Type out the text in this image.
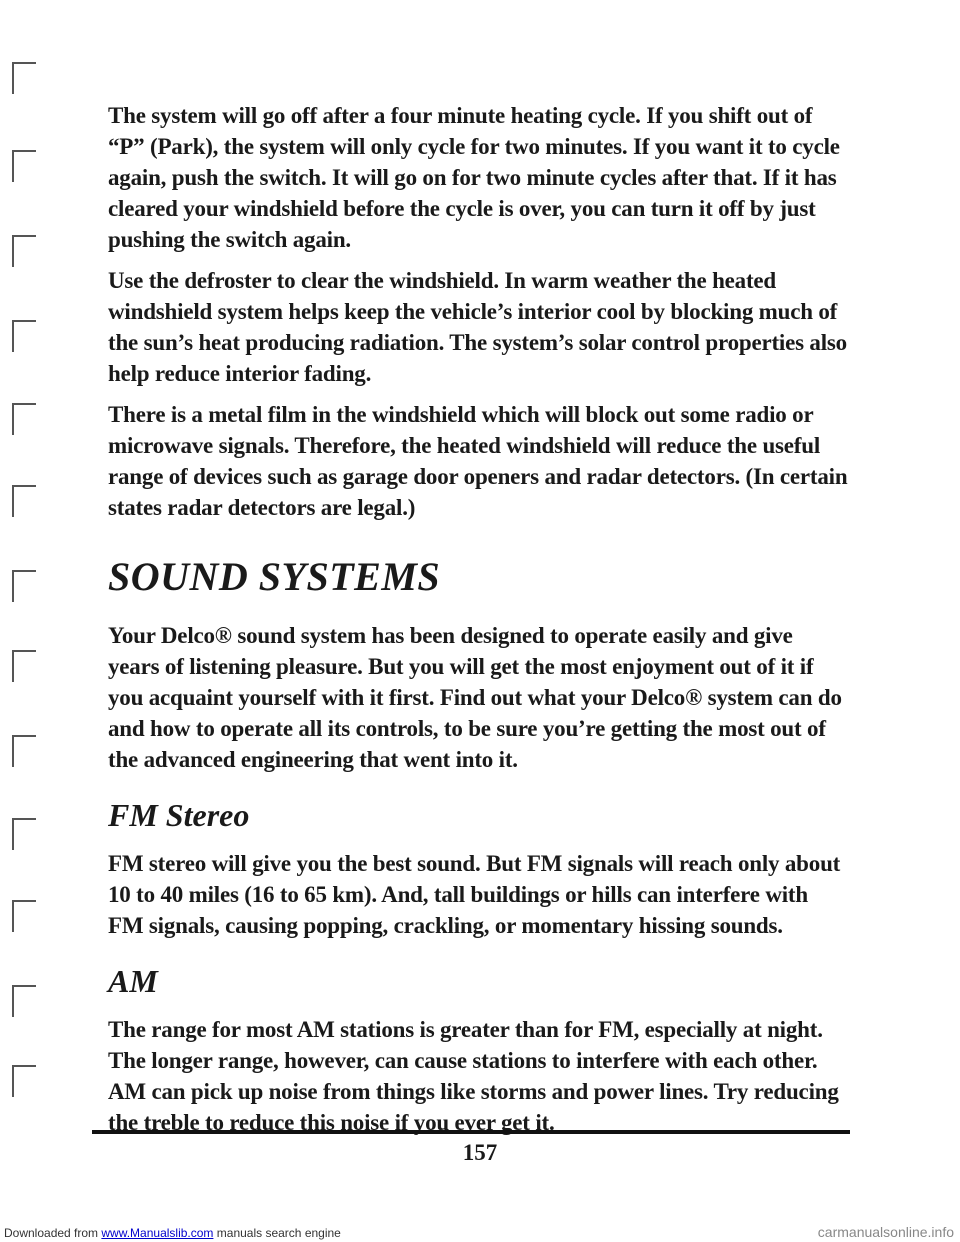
The system will go off after a four minute heating cycle. If you shift out of “P” (Park), the system will only cycle for two minutes. If you want it to cycle again, push the switch. It will go on for two minute cycles after that. If it has cleared your windshield before the cycle is over, you can turn it off by just pushing the switch again.

Use the defroster to clear the windshield. In warm weather the heated windshield system helps keep the vehicle’s interior cool by blocking much of the sun’s heat producing radiation. The system’s solar control properties also help reduce interior fading.

There is a metal film in the windshield which will block out some radio or microwave signals. Therefore, the heated windshield will reduce the useful range of devices such as garage door openers and radar detectors. (In certain states radar detectors are legal.)

SOUND SYSTEMS

Your Delco® sound system has been designed to operate easily and give years of listening pleasure. But you will get the most enjoyment out of it if you acquaint yourself with it first. Find out what your Delco® system can do and how to operate all its controls, to be sure you’re getting the most out of the advanced engineering that went into it.

FM Stereo

FM stereo will give you the best sound. But FM signals will reach only about 10 to 40 miles (16 to 65 km). And, tall buildings or hills can interfere with FM signals, causing popping, crackling, or momentary hissing sounds.

AM

The range for most AM stations is greater than for FM, especially at night. The longer range, however, can cause stations to interfere with each other. AM can pick up noise from things like storms and power lines. Try reducing the treble to reduce this noise if you ever get it.

157
Downloaded from www.Manualslib.com manuals search engine	carmanualsonline.info
